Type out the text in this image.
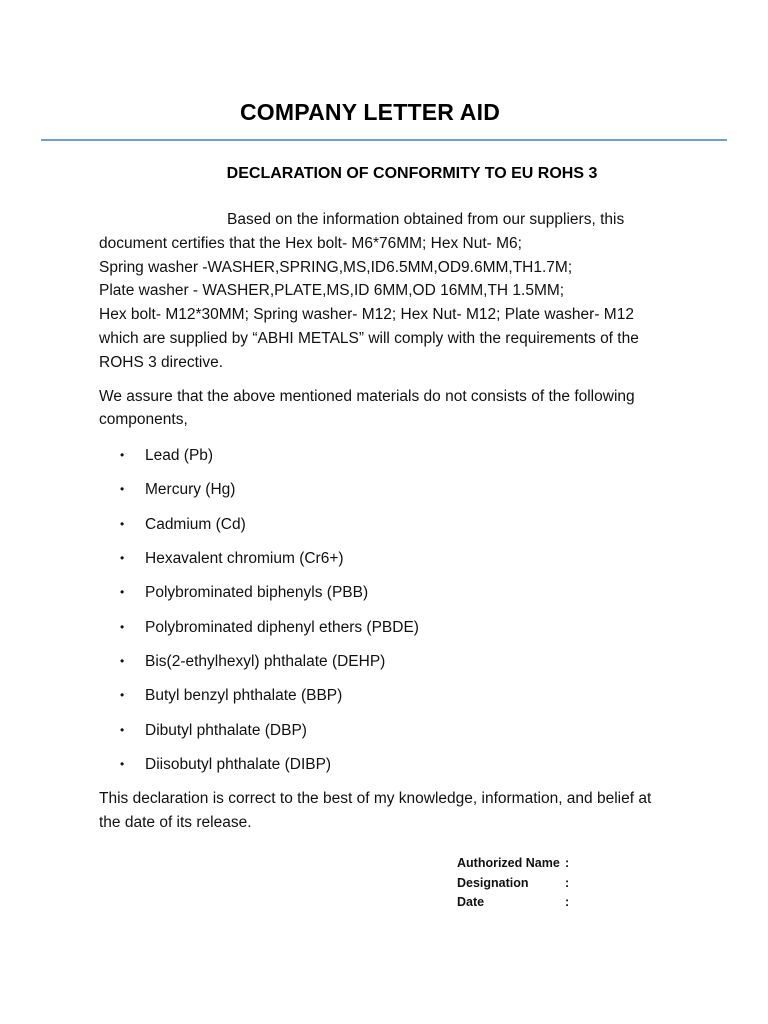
COMPANY LETTER AID
DECLARATION OF CONFORMITY TO EU ROHS 3

Based on the information obtained from our suppliers, this
document certifies that the Hex bolt- M6*76MM; Hex Nut- M6;
Spring washer -WASHER,SPRING,MS,ID6.5MM,OD9.6MM,TH1.7M;
Plate washer - WASHER,PLATE,MS,ID 6MM,OD 16MM,TH 1.5MM;
Hex bolt- M12*30MM; Spring washer- M12; Hex Nut- M12; Plate washer- M12
which are supplied by “ABHI METALS” will comply with the requirements of the
ROHS 3 directive.

We assure that the above mentioned materials do not consists of the following
components,

• Lead (Pb)
• Mercury (Hg)
• Cadmium (Cd)
• Hexavalent chromium (Cr6+)
• Polybrominated biphenyls (PBB)
• Polybrominated diphenyl ethers (PBDE)
• Bis(2-ethylhexyl) phthalate (DEHP)
• Butyl benzyl phthalate (BBP)
• Dibutyl phthalate (DBP)
• Diisobutyl phthalate (DIBP)

This declaration is correct to the best of my knowledge, information, and belief at
the date of its release.

Authorized Name :
Designation	:
Date	:
